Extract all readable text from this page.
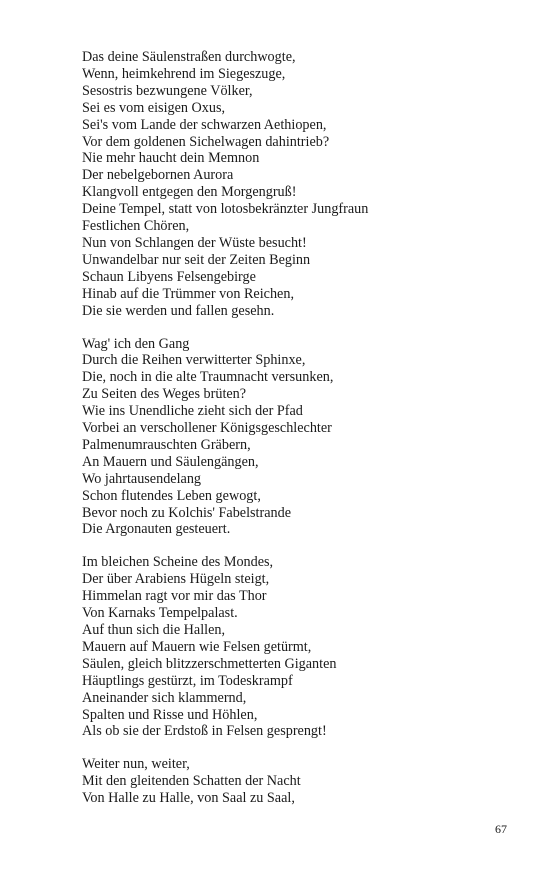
Das deine Säulenstraßen durchwogte,
Wenn, heimkehrend im Siegeszuge,
Sesostris bezwungene Völker,
Sei es vom eisigen Oxus,
Sei's vom Lande der schwarzen Aethiopen,
Vor dem goldenen Sichelwagen dahintrieb?
Nie mehr haucht dein Memnon
Der nebelgebornen Aurora
Klangvoll entgegen den Morgengruß!
Deine Tempel, statt von lotosbekränzter Jungfraun
Festlichen Chören,
Nun von Schlangen der Wüste besucht!
Unwandelbar nur seit der Zeiten Beginn
Schaun Libyens Felsengebirge
Hinab auf die Trümmer von Reichen,
Die sie werden und fallen gesehn.
Wag' ich den Gang
Durch die Reihen verwitterter Sphinxe,
Die, noch in die alte Traumnacht versunken,
Zu Seiten des Weges brüten?
Wie ins Unendliche zieht sich der Pfad
Vorbei an verschollener Königsgeschlechter
Palmenumrauschten Gräbern,
An Mauern und Säulengängen,
Wo jahrtausendelang
Schon flutendes Leben gewogt,
Bevor noch zu Kolchis' Fabelstrande
Die Argonauten gesteuert.
Im bleichen Scheine des Mondes,
Der über Arabiens Hügeln steigt,
Himmelan ragt vor mir das Thor
Von Karnaks Tempelpalast.
Auf thun sich die Hallen,
Mauern auf Mauern wie Felsen getürmt,
Säulen, gleich blitzzerschmetterten Giganten
Häuptlings gestürzt, im Todeskrampf
Aneinander sich klammernd,
Spalten und Risse und Höhlen,
Als ob sie der Erdstoß in Felsen gesprengt!
Weiter nun, weiter,
Mit den gleitenden Schatten der Nacht
Von Halle zu Halle, von Saal zu Saal,
67
